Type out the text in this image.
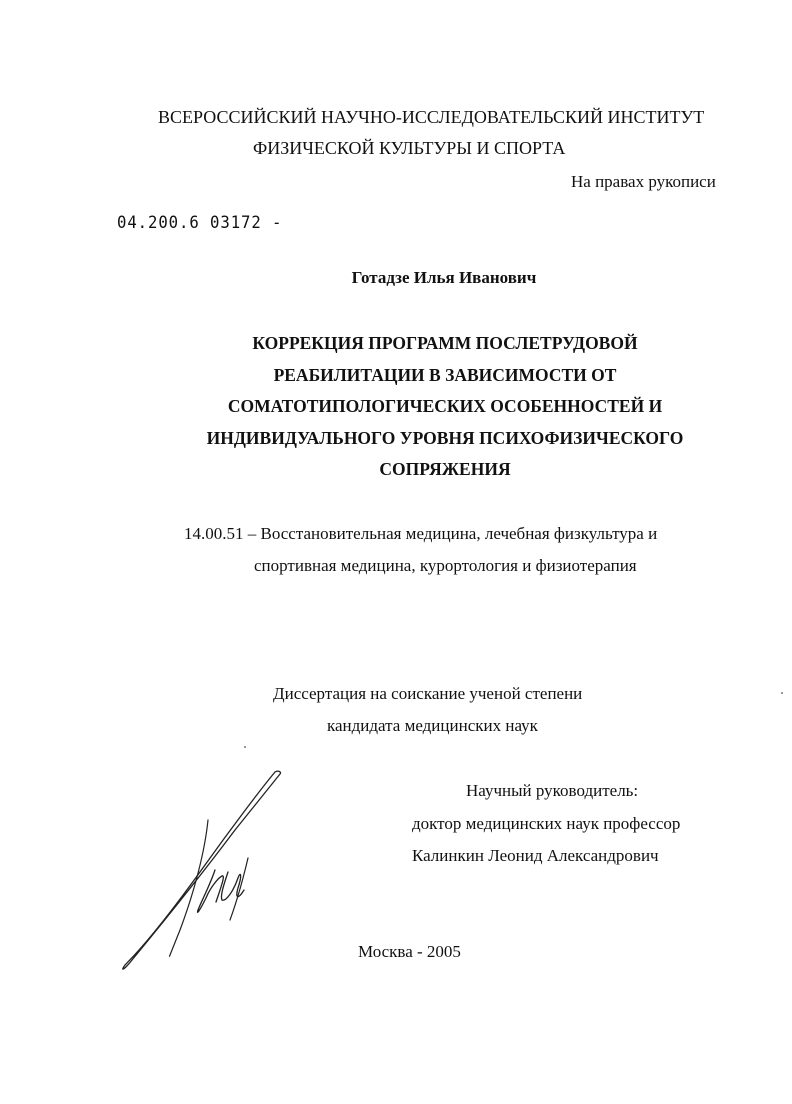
ВСЕРОССИЙСКИЙ НАУЧНО-ИССЛЕДОВАТЕЛЬСКИЙ ИНСТИТУТ
ФИЗИЧЕСКОЙ КУЛЬТУРЫ И СПОРТА
На правах рукописи
04.200.6 03172 -
Готадзе Илья Иванович
КОРРЕКЦИЯ ПРОГРАММ ПОСЛЕТРУДОВОЙ
РЕАБИЛИТАЦИИ В ЗАВИСИМОСТИ ОТ
СОМАТОТИПОЛОГИЧЕСКИХ ОСОБЕННОСТЕЙ И
ИНДИВИДУАЛЬНОГО УРОВНЯ ПСИХОФИЗИЧЕСКОГО
СОПРЯЖЕНИЯ
14.00.51 – Восстановительная медицина, лечебная физкультура и
спортивная медицина, курортология и физиотерапия
Диссертация на соискание ученой степени
кандидата медицинских наук
Научный руководитель:
доктор медицинских наук профессор
Калинкин Леонид Александрович
Москва - 2005
